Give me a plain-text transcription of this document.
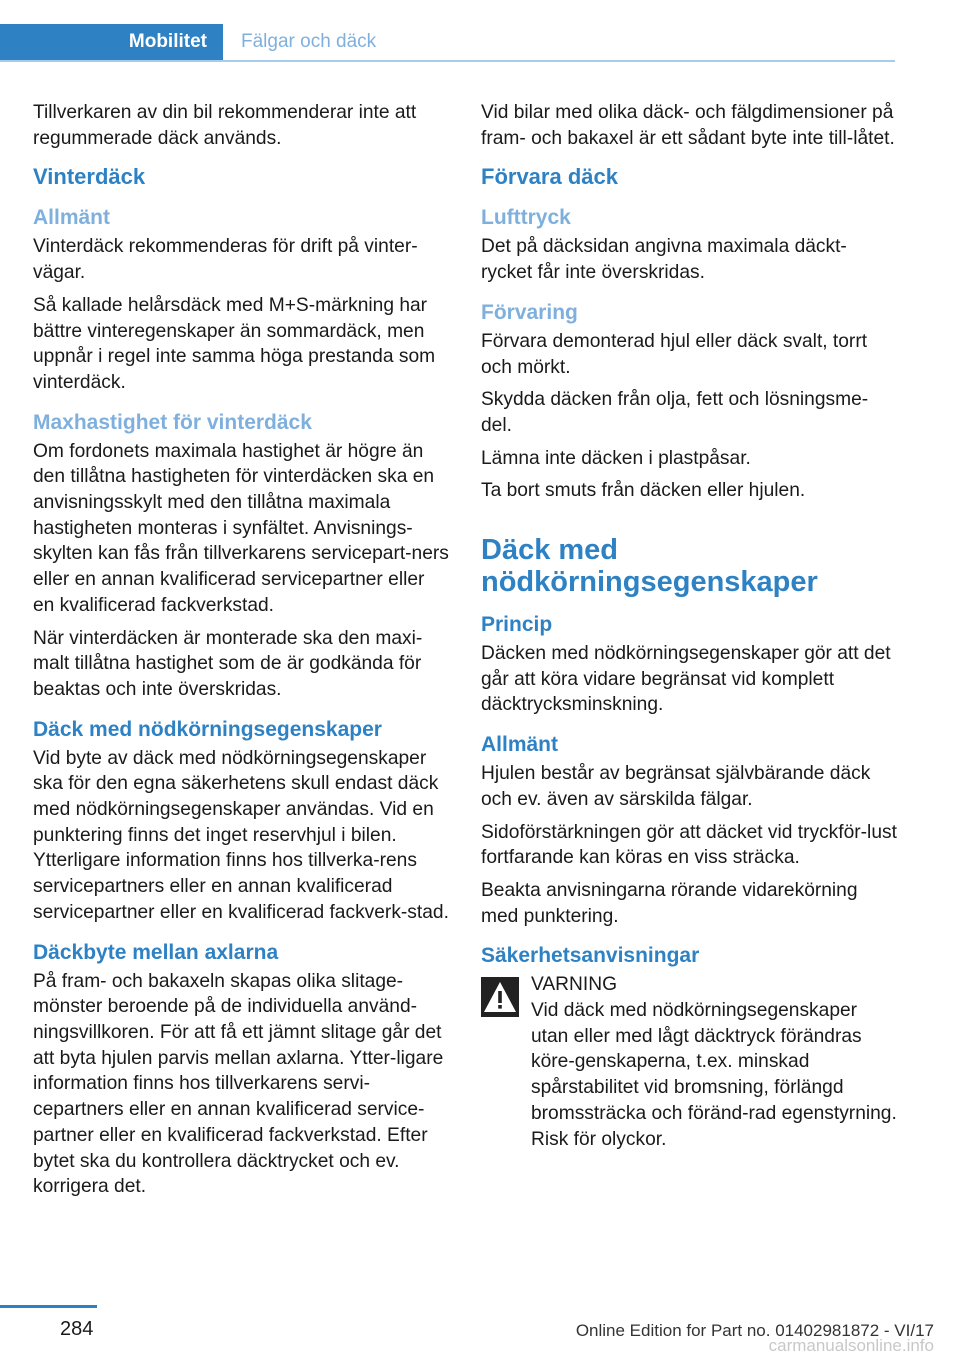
Mobilitet	Fälgar och däck

Tillverkaren av din bil rekommenderar inte att regummerade däck används.

Vinterdäck
Allmänt

Vinterdäck rekommenderas för drift på vinter-vägar.

Så kallade helårsdäck med M+S-märkning har bättre vinteregenskaper än sommardäck, men uppnår i regel inte samma höga prestanda som vinterdäck.

Maxhastighet för vinterdäck

Om fordonets maximala hastighet är högre än den tillåtna hastigheten för vinterdäcken ska en anvisningsskylt med den tillåtna maximala hastigheten monteras i synfältet. Anvisnings-skylten kan fås från tillverkarens servicepart-ners eller en annan kvalificerad servicepartner eller en kvalificerad fackverkstad.

När vinterdäcken är monterade ska den maxi-malt tillåtna hastighet som de är godkända för beaktas och inte överskridas.

Däck med nödkörningsegenskaper

Vid byte av däck med nödkörningsegenskaper ska för den egna säkerhetens skull endast däck med nödkörningsegenskaper användas. Vid en punktering finns det inget reservhjul i bilen. Ytterligare information finns hos tillverka-rens servicepartners eller en annan kvalificerad servicepartner eller en kvalificerad fackverk-stad.

Däckbyte mellan axlarna

På fram- och bakaxeln skapas olika slitage-mönster beroende på de individuella använd-ningsvillkoren. För att få ett jämnt slitage går det att byta hjulen parvis mellan axlarna. Ytter-ligare information finns hos tillverkarens servi-cepartners eller en annan kvalificerad service-partner eller en kvalificerad fackverkstad. Efter bytet ska du kontrollera däcktrycket och ev. korrigera det.

Vid bilar med olika däck- och fälgdimensioner på fram- och bakaxel är ett sådant byte inte till-låtet.

Förvara däck
Lufttryck

Det på däcksidan angivna maximala däckt-rycket får inte överskridas.

Förvaring

Förvara demonterad hjul eller däck svalt, torrt och mörkt.

Skydda däcken från olja, fett och lösningsme-del.

Lämna inte däcken i plastpåsar.

Ta bort smuts från däcken eller hjulen.

Däck med nödkörningsegenskaper
Princip

Däcken med nödkörningsegenskaper gör att det går att köra vidare begränsat vid komplett däcktrycksminskning.

Allmänt

Hjulen består av begränsat självbärande däck och ev. även av särskilda fälgar.

Sidoförstärkningen gör att däcket vid tryckför-lust fortfarande kan köras en viss sträcka.

Beakta anvisningarna rörande vidarekörning med punktering.

Säkerhetsanvisningar
VARNING

Vid däck med nödkörningsegenskaper utan eller med lågt däcktryck förändras köre-genskaperna, t.ex. minskad spårstabilitet vid bromsning, förlängd bromssträcka och föränd-rad egenstyrning. Risk för olyckor.

284	Online Edition for Part no. 01402981872 - VI/17
carmanualsonline.info
